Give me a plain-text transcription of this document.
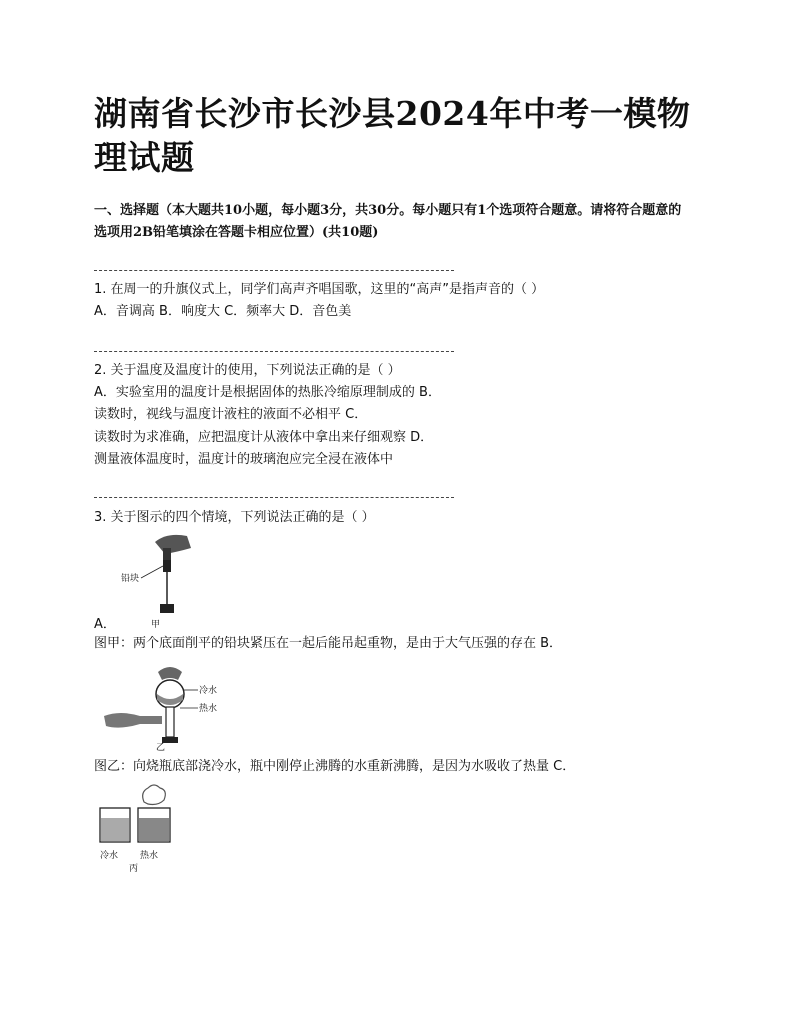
湖南省长沙市长沙县2024年中考一模物理试题
一、选择题（本大题共10小题，每小题3分，共30分。每小题只有1个选项符合题意。请将符合题意的选项用2B铅笔填涂在答题卡相应位置）(共10题)
1. 在周一的升旗仪式上，同学们高声齐唱国歌，这里的“高声”是指声音的（ ）
A．音调高 B．响度大 C．频率大 D．音色美
2. 关于温度及温度计的使用，下列说法正确的是（ ）
A．实验室用的温度计是根据固体的热胀冷缩原理制成的 B．
读数时，视线与温度计液柱的液面不必相平 C．
读数时为求准确，应把温度计从液体中拿出来仔细观察 D．
测量液体温度时，温度计的玻璃泡应完全浸在液体中
3. 关于图示的四个情境，下列说法正确的是（ ）
铅块
甲
A．
图甲：两个底面削平的铅块紧压在一起后能吊起重物，是由于大气压强的存在 B．
冷水
热水
乙
图乙：向烧瓶底部浇冷水，瓶中刚停止沸腾的水重新沸腾，是因为水吸收了热量 C．
冷水 热水
丙
